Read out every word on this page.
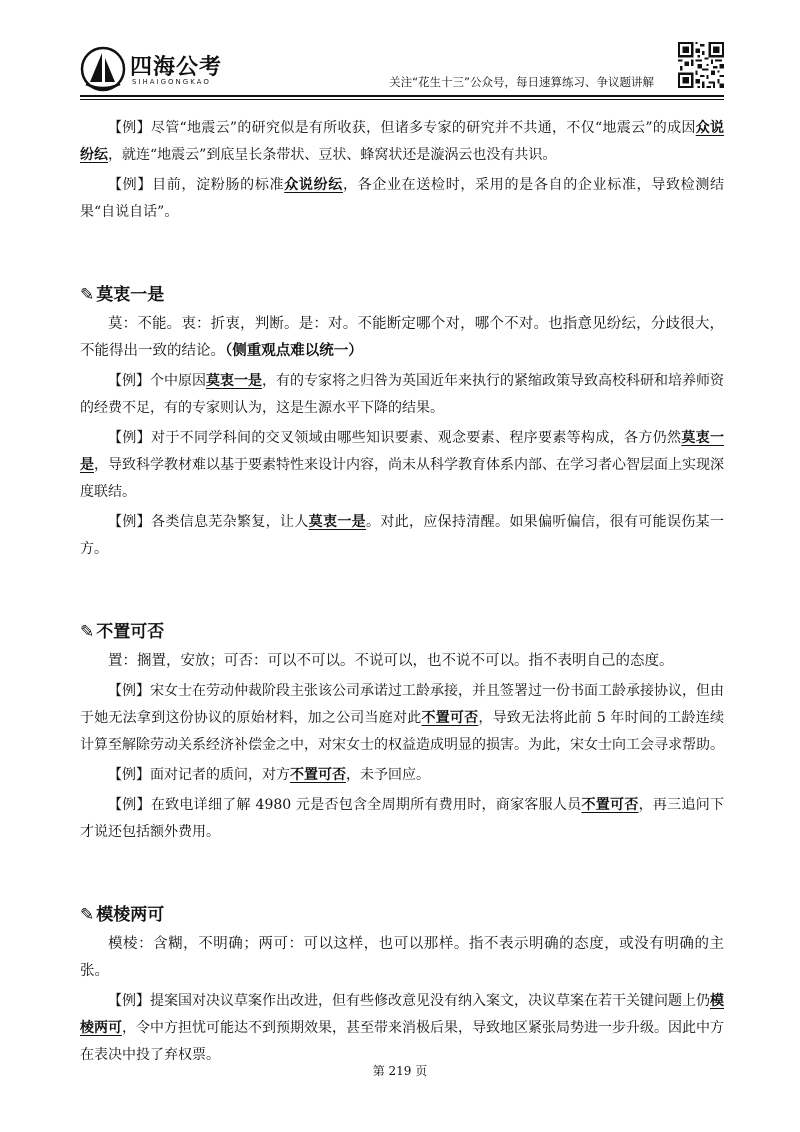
四海公考
SIHAIGONGKAO	关注“花生十三”公众号，每日速算练习、争议题讲解

【例】尽管“地震云”的研究似是有所收获，但诸多专家的研究并不共通，不仅“地震云”的成因众说纷纭，就连“地震云”到底呈长条带状、豆状、蜂窝状还是漩涡云也没有共识。

【例】目前，淀粉肠的标准众说纷纭，各企业在送检时，采用的是各自的企业标准，导致检测结果“自说自话”。

✎ 莫衷一是

莫：不能。衷：折衷，判断。是：对。不能断定哪个对，哪个不对。也指意见纷纭，分歧很大，不能得出一致的结论。（侧重观点难以统一）

【例】个中原因莫衷一是，有的专家将之归咎为英国近年来执行的紧缩政策导致高校科研和培养师资的经费不足，有的专家则认为，这是生源水平下降的结果。

【例】对于不同学科间的交叉领域由哪些知识要素、观念要素、程序要素等构成，各方仍然莫衷一是，导致科学教材难以基于要素特性来设计内容，尚未从科学教育体系内部、在学习者心智层面上实现深度联结。

【例】各类信息芜杂繁复，让人莫衷一是。对此，应保持清醒。如果偏听偏信，很有可能误伤某一方。

✎ 不置可否

置：搁置，安放；可否：可以不可以。不说可以，也不说不可以。指不表明自己的态度。

【例】宋女士在劳动仲裁阶段主张该公司承诺过工龄承接，并且签署过一份书面工龄承接协议，但由于她无法拿到这份协议的原始材料，加之公司当庭对此不置可否，导致无法将此前 5 年时间的工龄连续计算至解除劳动关系经济补偿金之中，对宋女士的权益造成明显的损害。为此，宋女士向工会寻求帮助。

【例】面对记者的质问，对方不置可否，未予回应。

【例】在致电详细了解 4980 元是否包含全周期所有费用时，商家客服人员不置可否，再三追问下才说还包括额外费用。

✎ 模棱两可

模棱：含糊，不明确；两可：可以这样，也可以那样。指不表示明确的态度，或没有明确的主张。

【例】提案国对决议草案作出改进，但有些修改意见没有纳入案文，决议草案在若干关键问题上仍模棱两可，令中方担忧可能达不到预期效果，甚至带来消极后果，导致地区紧张局势进一步升级。因此中方在表决中投了弃权票。

第 219 页
